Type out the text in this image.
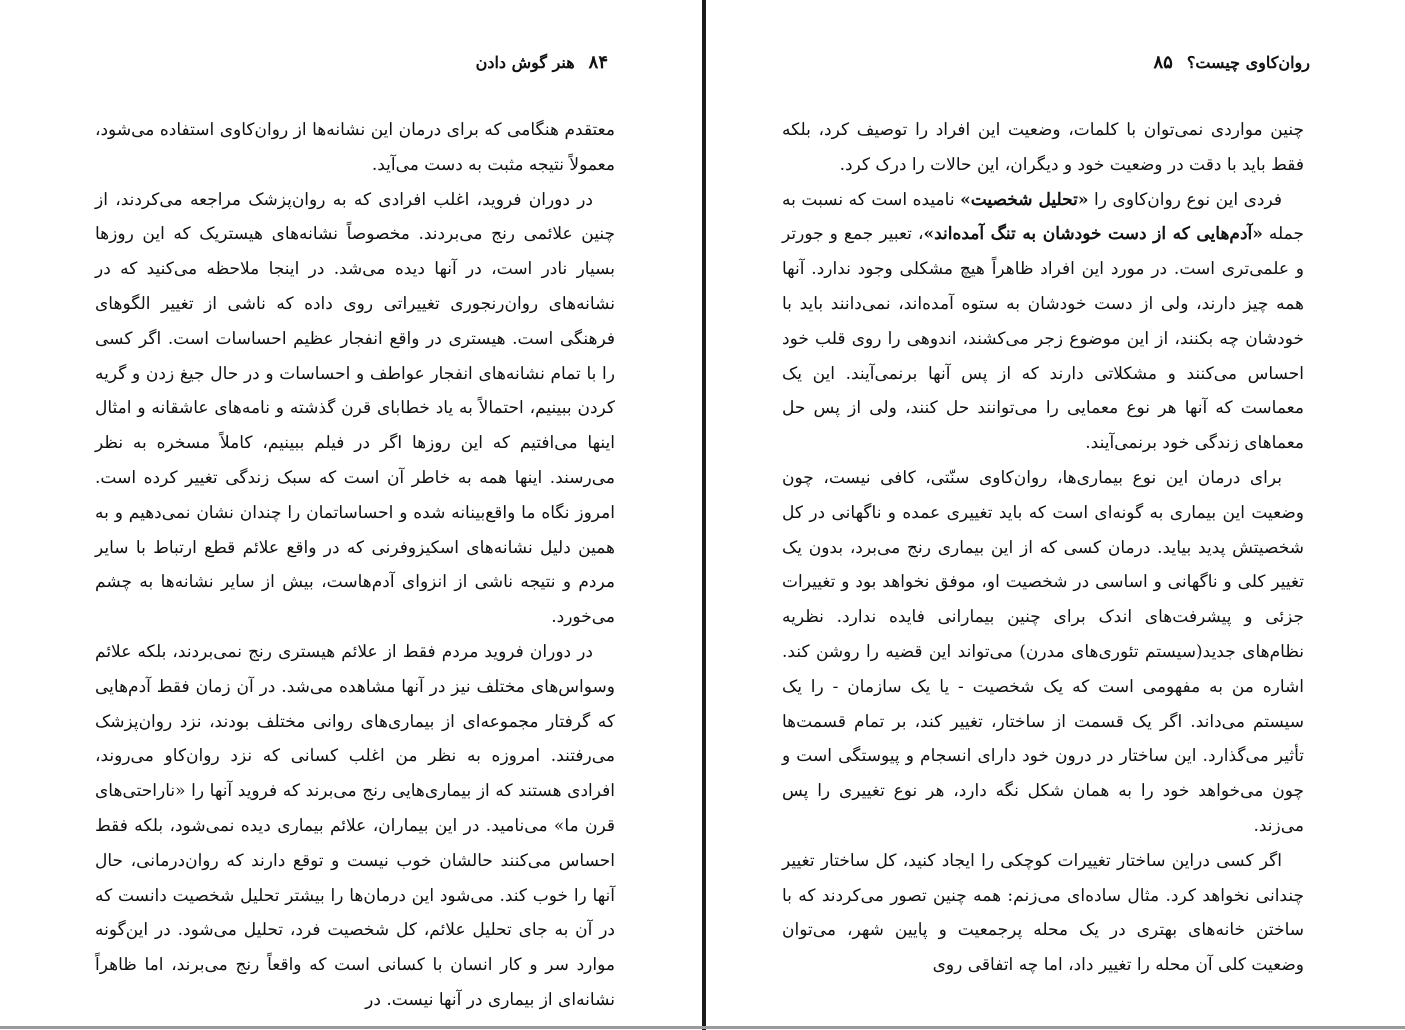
۸۴
هنر گوش دادن

معتقدم هنگامی که برای درمان این نشانه‌ها از روان‌کاوی استفاده می‌شود، معمولاً نتیجه مثبت به دست می‌آید.

در دوران فروید، اغلب افرادی که به روان‌پزشک مراجعه می‌کردند، از چنین علائمی رنج می‌بردند. مخصوصاً نشانه‌های هیستریک که این روزها بسیار نادر است، در آنها دیده می‌شد. در اینجا ملاحظه می‌کنید که در نشانه‌های روان‌رنجوری تغییراتی روی داده که ناشی از تغییر الگوهای فرهنگی است. هیستری در واقع انفجار عظیم احساسات است. اگر کسی را با تمام نشانه‌های انفجار عواطف و احساسات و در حال جیغ زدن و گریه کردن ببینیم، احتمالاً به یاد خطابای قرن گذشته و نامه‌های عاشقانه و امثال اینها می‌افتیم که این روزها اگر در فیلم ببینیم، کاملاً مسخره به نظر می‌رسند. اینها همه به خاطر آن است که سبک زندگی تغییر کرده است. امروز نگاه ما واقع‌بینانه شده و احساساتمان را چندان نشان نمی‌دهیم و به همین دلیل نشانه‌های اسکیزوفرنی که در واقع علائم قطع ارتباط با سایر مردم و نتیجه ناشی از انزوای آدم‌هاست، بیش از سایر نشانه‌ها به چشم می‌خورد.

در دوران فروید مردم فقط از علائم هیستری رنج نمی‌بردند، بلکه علائم وسواس‌های مختلف نیز در آنها مشاهده می‌شد. در آن زمان فقط آدم‌هایی که گرفتار مجموعه‌ای از بیماری‌های روانی مختلف بودند، نزد روان‌پزشک می‌رفتند. امروزه به نظر من اغلب کسانی که نزد روان‌کاو می‌روند، افرادی هستند که از بیماری‌هایی رنج می‌برند که فروید آنها را «ناراحتی‌های قرن ما» می‌نامید. در این بیماران، علائم بیماری دیده نمی‌شود، بلکه فقط احساس می‌کنند حالشان خوب نیست و توقع دارند که روان‌درمانی، حال آنها را خوب کند. می‌شود این درمان‌ها را بیشتر تحلیل شخصیت دانست که در آن به جای تحلیل علائم، کل شخصیت فرد، تحلیل می‌شود. در این‌گونه موارد سر و کار انسان با کسانی است که واقعاً رنج می‌برند، اما ظاهراً نشانه‌ای از بیماری در آنها نیست. در

روان‌کاوی چیست؟
۸۵

چنین مواردی نمی‌توان با کلمات، وضعیت این افراد را توصیف کرد، بلکه فقط باید با دقت در وضعیت خود و دیگران، این حالات را درک کرد.

فردی این نوع روان‌کاوی را «تحلیل شخصیت» نامیده است که نسبت به جمله «آدم‌هایی که از دست خودشان به تنگ آمده‌اند»، تعبیر جمع و جورتر و علمی‌تری است. در مورد این افراد ظاهراً هیچ مشکلی وجود ندارد. آنها همه چیز دارند، ولی از دست خودشان به ستوه آمده‌اند، نمی‌دانند باید با خودشان چه بکنند، از این موضوع زجر می‌کشند، اندوهی را روی قلب خود احساس می‌کنند و مشکلاتی دارند که از پس آنها برنمی‌آیند. این یک معماست که آنها هر نوع معمایی را می‌توانند حل کنند، ولی از پس حل معماهای زندگی خود برنمی‌آیند.

برای درمان این نوع بیماری‌ها، روان‌کاوی سنّتی، کافی نیست، چون وضعیت این بیماری به گونه‌ای است که باید تغییری عمده و ناگهانی در کل شخصیتش پدید بیاید. درمان کسی که از این بیماری رنج می‌برد، بدون یک تغییر کلی و ناگهانی و اساسی در شخصیت او، موفق نخواهد بود و تغییرات جزئی و پیشرفت‌های اندک برای چنین بیمارانی فایده ندارد. نظریه نظام‌های جدید(سیستم تئوری‌های مدرن) می‌تواند این قضیه را روشن کند. اشاره من به مفهومی است که یک شخصیت - یا یک سازمان - را یک سیستم می‌داند. اگر یک قسمت از ساختار، تغییر کند، بر تمام قسمت‌ها تأثیر می‌گذارد. این ساختار در درون خود دارای انسجام و پیوستگی است و چون می‌خواهد خود را به همان شکل نگه دارد، هر نوع تغییری را پس می‌زند.

اگر کسی دراین ساختار تغییرات کوچکی را ایجاد کنید، کل ساختار تغییر چندانی نخواهد کرد. مثال ساده‌ای می‌زنم: همه چنین تصور می‌کردند که با ساختن خانه‌های بهتری در یک محله پرجمعیت و پایین شهر، می‌توان وضعیت کلی آن محله را تغییر داد، اما چه اتفاقی روی
